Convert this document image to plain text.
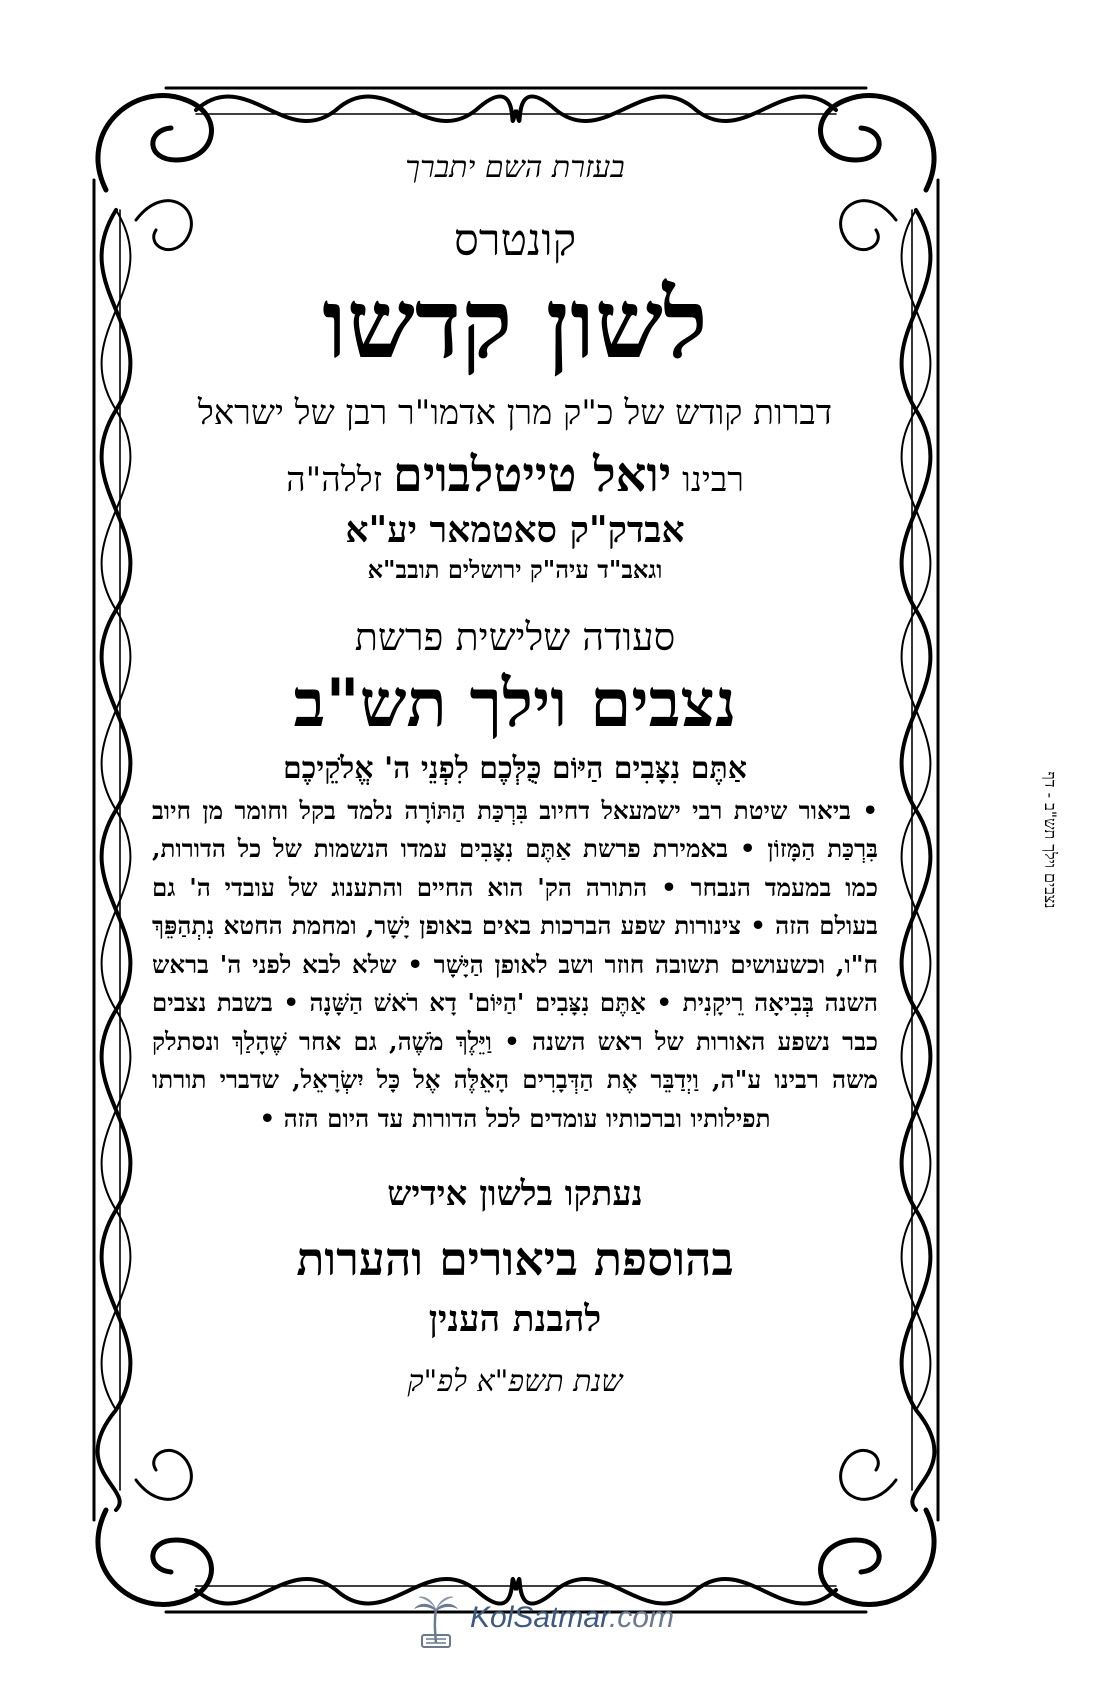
בעזרת השם יתברך
קונטרס
לשון קדשו
דברות קודש של כ"ק מרן אדמו"ר רבן של ישראל
רבינו יואל טייטלבוים זללה"ה
אבדק"ק סאטמאר יע"א
וגאב"ד עיה"ק ירושלים תובב"א
סעודה שלישית פרשת
נצבים וילך תש"ב
אַתֶּם נִצָּבִים הַיּוֹם כֻּלְּכֶם לִפְנֵי ה' אֱלֹקֵיכֶם
• ביאור שיטת רבי ישמעאל דחיוב בִּרְכַּת הַתּוֹרָה נלמד בקל וחומר מן חיוב בִּרְכַּת הַמָּזוֹן • באמירת פרשת אַתֶּם נִצָּבִים עמדו הנשמות של כל הדורות, כמו במעמד הנבחר • התורה הק' הוא החיים והתענוג של עובדי ה' גם בעולם הזה • צינורות שפע הברכות באים באופן יָשָׁר, ומחמת החטא נִתְהַפֵּךְ ח"ו, וכשעושים תשובה חוזר ושב לאופן הַיָּשָׁר • שלא לבא לפני ה' בראש השנה בְּבִיאָה רֵיקָנִית • אַתֶּם נִצָּבִים 'הַיּוֹם' דָא רֹאשׁ הַשָּׁנָה • בשבת נצבים כבר נשפע האורות של ראש השנה • וַיֵּלֶךְ מֹשֶׁה, גם אחר שֶׁהָלַךְ ונסתלק משה רבינו ע"ה, וַיְדַבֵּר אֶת הַדְּבָרִים הָאֵלֶּה אֶל כָּל יִשְׂרָאֵל, שדברי תורתו תפילותיו וברכותיו עומדים לכל הדורות עד היום הזה •
נעתקו בלשון אידיש
בהוספת ביאורים והערות
להבנת הענין
שנת תשפ"א לפ"ק
נצבים וילך תש"ב - דף
KolSatmar.com
